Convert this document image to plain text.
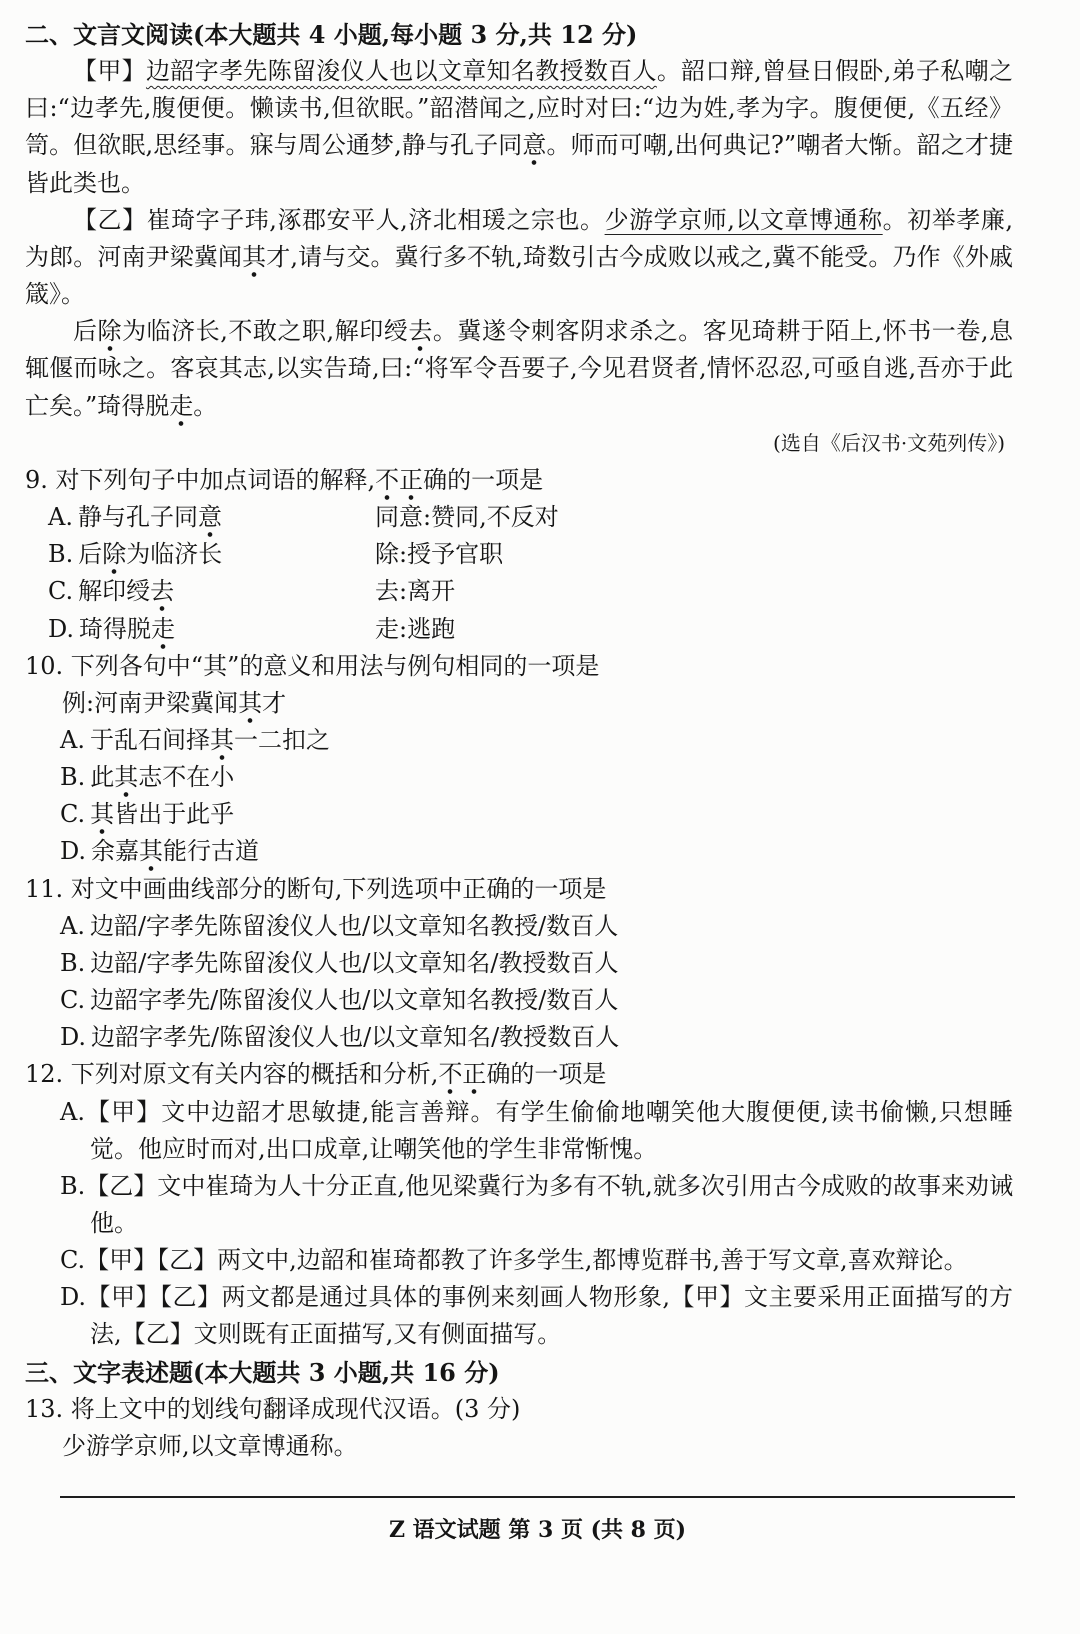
二、文言文阅读(本大题共 4 小题,每小题 3 分,共 12 分)

【甲】边韶字孝先陈留浚仪人也以文章知名教授数百人。韶口辩,曾昼日假卧,弟子私嘲之曰:“边孝先,腹便便。懒读书,但欲眠。”韶潜闻之,应时对曰:“边为姓,孝为字。腹便便,《五经》笥。但欲眠,思经事。寐与周公通梦,静与孔子同意。师而可嘲,出何典记?”嘲者大惭。韶之才捷皆此类也。

【乙】崔琦字子玮,涿郡安平人,济北相瑗之宗也。少游学京师,以文章博通称。初举孝廉,为郎。河南尹梁冀闻其才,请与交。冀行多不轨,琦数引古今成败以戒之,冀不能受。乃作《外戚箴》。

后除为临济长,不敢之职,解印绶去。冀遂令刺客阴求杀之。客见琦耕于陌上,怀书一卷,息辄偃而咏之。客哀其志,以实告琦,曰:“将军令吾要子,今见君贤者,情怀忍忍,可亟自逃,吾亦于此亡矣。”琦得脱走。

(选自《后汉书·文苑列传》)

9. 对下列句子中加点词语的解释,不正确的一项是

A. 静与孔子同意	同意:赞同,不反对
B. 后除为临济长	除:授予官职
C. 解印绶去	去:离开
D. 琦得脱走	走:逃跑

10. 下列各句中“其”的意义和用法与例句相同的一项是

例:河南尹梁冀闻其才

A. 于乱石间择其一二扣之

B. 此其志不在小

C. 其皆出于此乎

D. 余嘉其能行古道

11. 对文中画曲线部分的断句,下列选项中正确的一项是

A. 边韶/字孝先陈留浚仪人也/以文章知名教授/数百人

B. 边韶/字孝先陈留浚仪人也/以文章知名/教授数百人

C. 边韶字孝先/陈留浚仪人也/以文章知名教授/数百人

D. 边韶字孝先/陈留浚仪人也/以文章知名/教授数百人

12. 下列对原文有关内容的概括和分析,不正确的一项是

A.【甲】文中边韶才思敏捷,能言善辩。有学生偷偷地嘲笑他大腹便便,读书偷懒,只想睡觉。他应时而对,出口成章,让嘲笑他的学生非常惭愧。

B.【乙】文中崔琦为人十分正直,他见梁冀行为多有不轨,就多次引用古今成败的故事来劝诫他。

C.【甲】【乙】两文中,边韶和崔琦都教了许多学生,都博览群书,善于写文章,喜欢辩论。

D.【甲】【乙】两文都是通过具体的事例来刻画人物形象,【甲】文主要采用正面描写的方法,【乙】文则既有正面描写,又有侧面描写。

三、文字表述题(本大题共 3 小题,共 16 分)

13. 将上文中的划线句翻译成现代汉语。(3 分)

少游学京师,以文章博通称。

Z 语文试题 第 3 页 (共 8 页)
